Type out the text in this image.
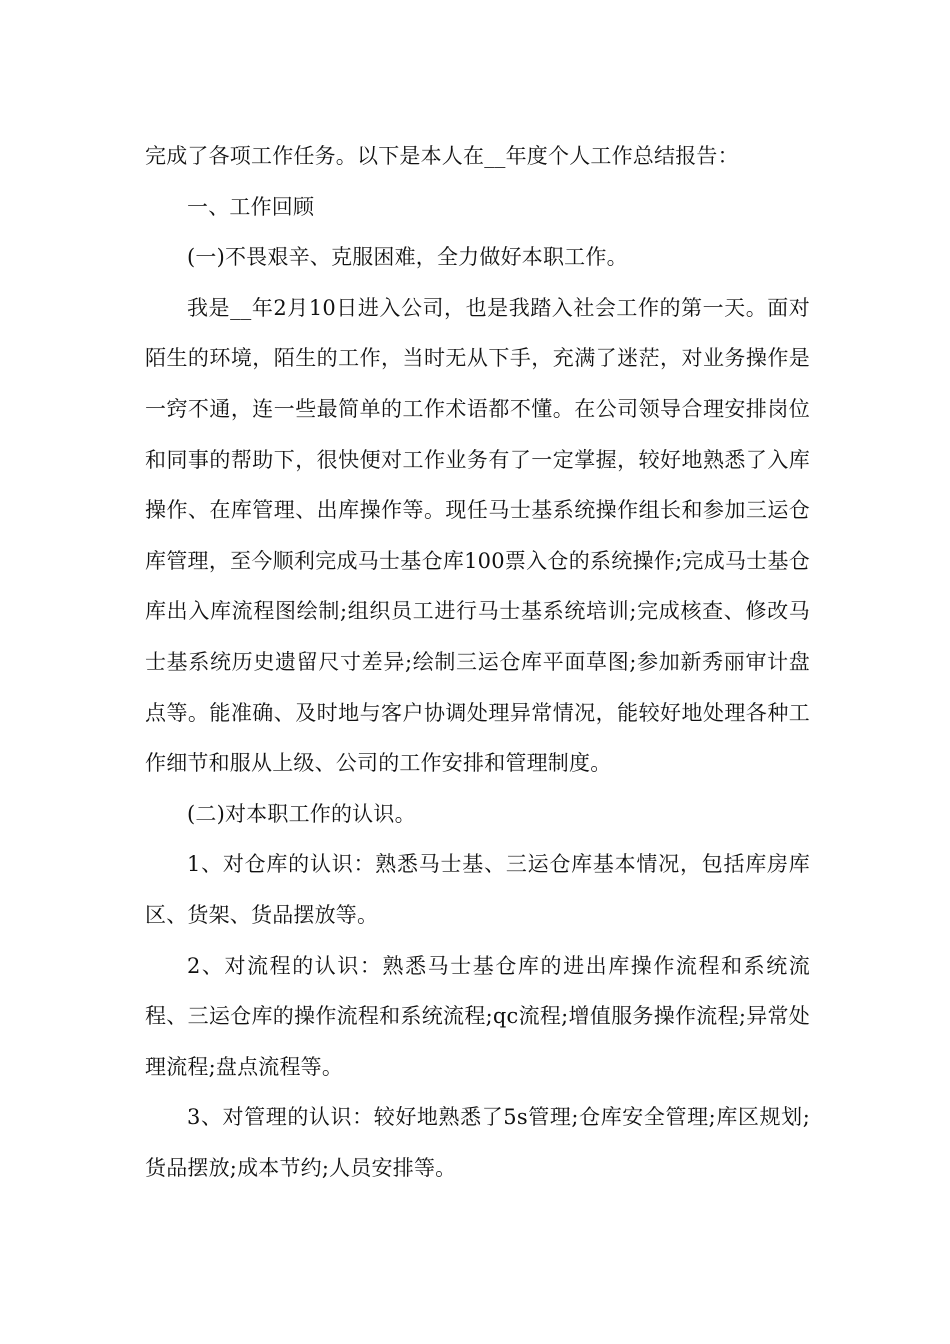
完成了各项工作任务。以下是本人在__年度个人工作总结报告：

一、工作回顾

(一)不畏艰辛、克服困难，全力做好本职工作。

我是__年2月10日进入公司，也是我踏入社会工作的第一天。面对陌生的环境，陌生的工作，当时无从下手，充满了迷茫，对业务操作是一窍不通，连一些最简单的工作术语都不懂。在公司领导合理安排岗位和同事的帮助下，很快便对工作业务有了一定掌握，较好地熟悉了入库操作、在库管理、出库操作等。现任马士基系统操作组长和参加三运仓库管理，至今顺利完成马士基仓库100票入仓的系统操作;完成马士基仓库出入库流程图绘制;组织员工进行马士基系统培训;完成核查、修改马士基系统历史遗留尺寸差异;绘制三运仓库平面草图;参加新秀丽审计盘点等。能准确、及时地与客户协调处理异常情况，能较好地处理各种工作细节和服从上级、公司的工作安排和管理制度。

(二)对本职工作的认识。

1、对仓库的认识：熟悉马士基、三运仓库基本情况，包括库房库区、货架、货品摆放等。

2、对流程的认识：熟悉马士基仓库的进出库操作流程和系统流程、三运仓库的操作流程和系统流程;qc流程;增值服务操作流程;异常处理流程;盘点流程等。

3、对管理的认识：较好地熟悉了5s管理;仓库安全管理;库区规划;货品摆放;成本节约;人员安排等。
